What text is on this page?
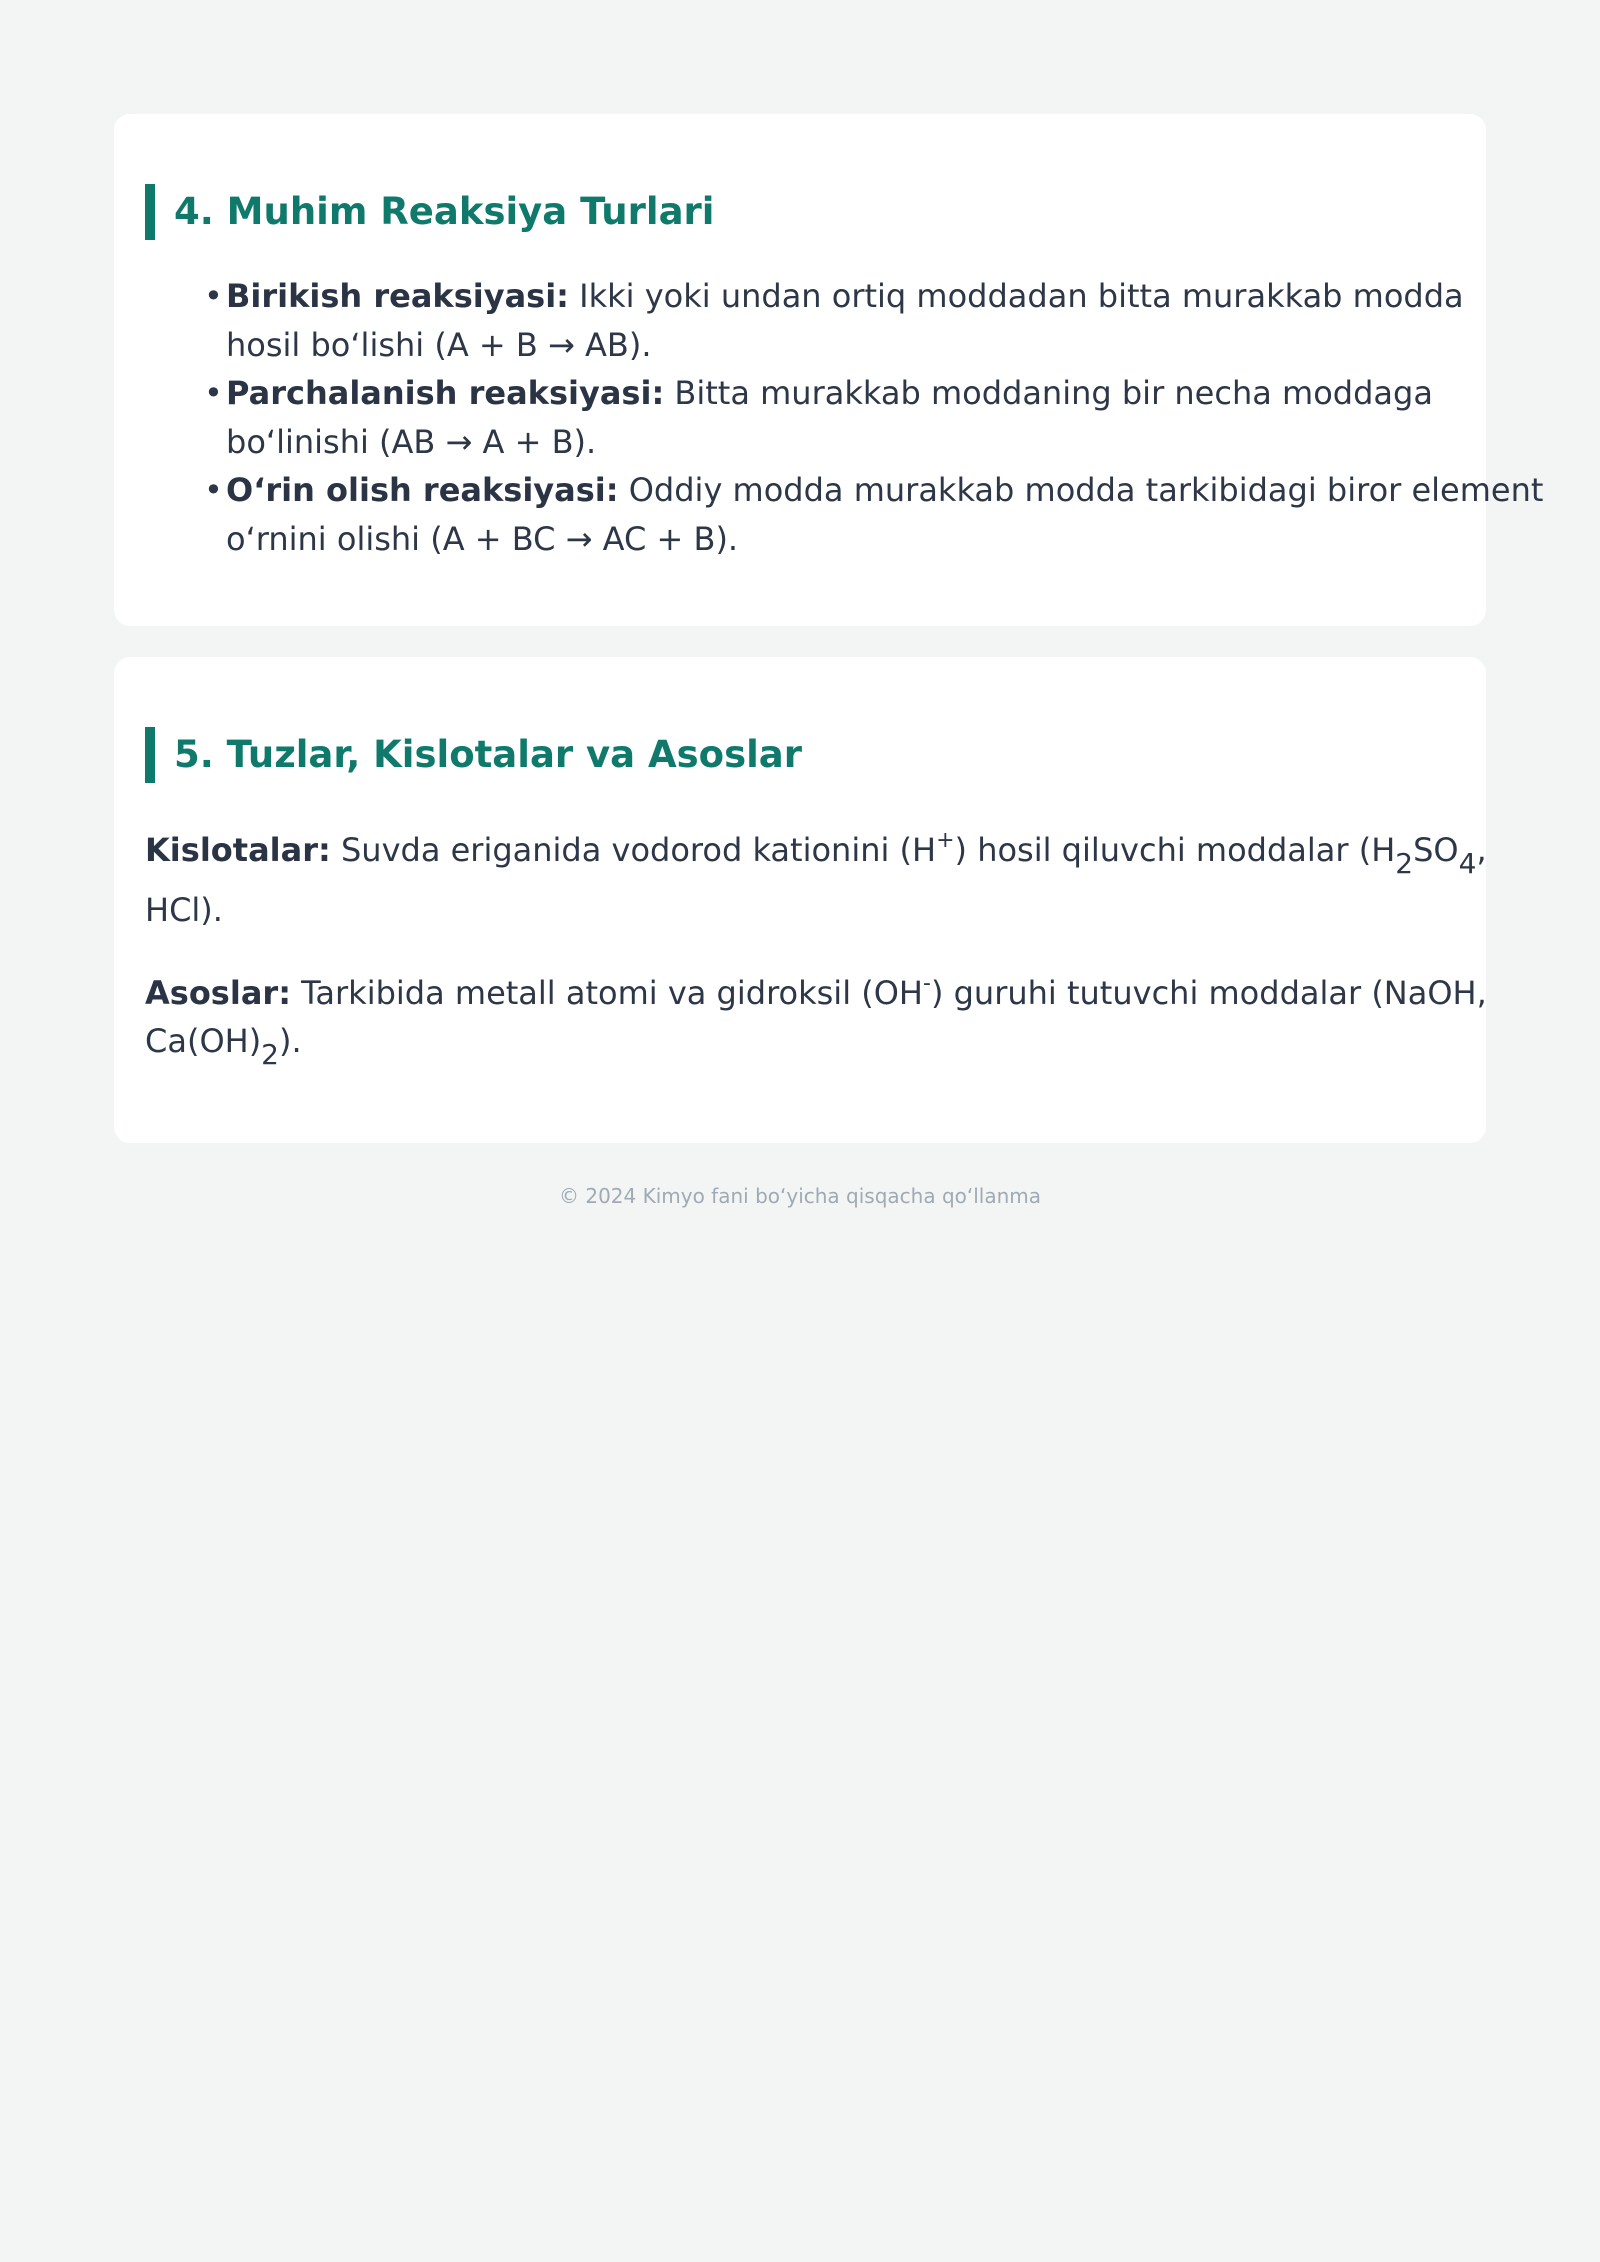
4. Muhim Reaksiya Turlari
• Birikish reaksiyasi: Ikki yoki undan ortiq moddadan bitta murakkab modda
hosil bo‘lishi (A + B → AB).
• Parchalanish reaksiyasi: Bitta murakkab moddaning bir necha moddaga
bo‘linishi (AB → A + B).
• O‘rin olish reaksiyasi: Oddiy modda murakkab modda tarkibidagi biror element
o‘rnini olishi (A + BC → AC + B).
5. Tuzlar, Kislotalar va Asoslar

Kislotalar: Suvda eriganida vodorod kationini (H+) hosil qiluvchi moddalar ($H_2SO_4$,
HCl).

Asoslar: Tarkibida metall atomi va gidroksil (OH-) guruhi tutuvchi moddalar (NaOH,
$Ca(OH)_2$).

© 2024 Kimyo fani bo‘yicha qisqacha qo‘llanma
